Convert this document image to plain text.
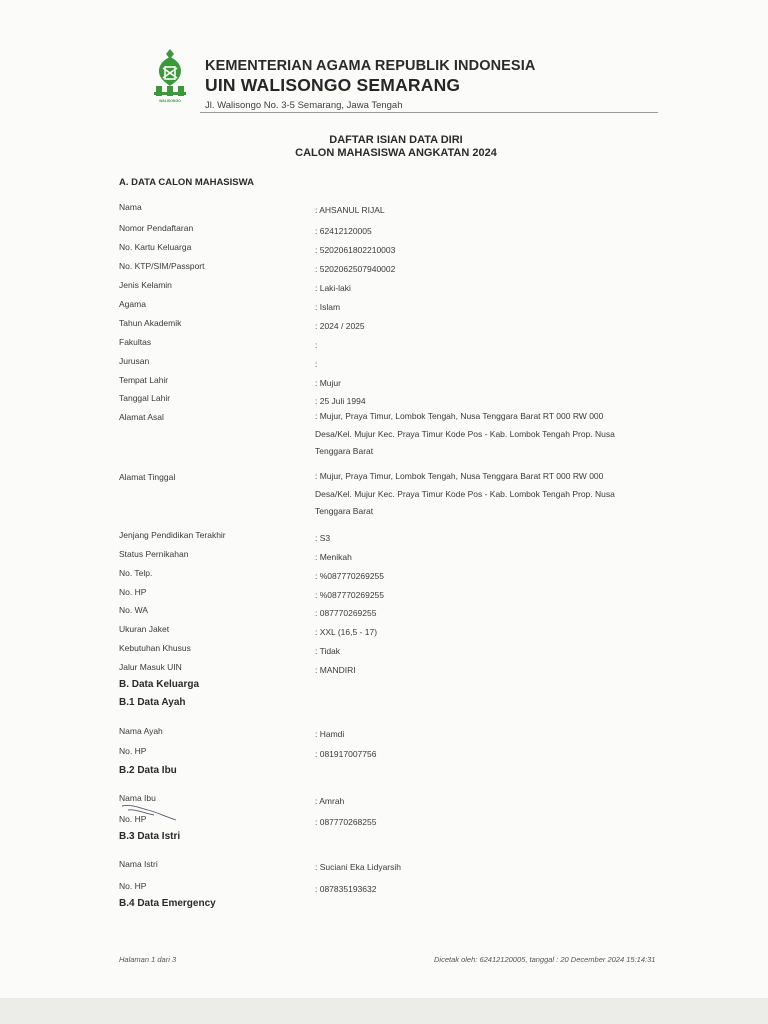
WALISONGO
KEMENTERIAN AGAMA REPUBLIK INDONESIA
UIN WALISONGO SEMARANG
Jl. Walisongo No. 3-5 Semarang, Jawa Tengah
DAFTAR ISIAN DATA DIRI
CALON MAHASISWA ANGKATAN 2024
A. DATA CALON MAHASISWA
Nama	: AHSANUL RIJAL
Nomor Pendaftaran	: 62412120005
No. Kartu Keluarga	: 5202061802210003
No. KTP/SIM/Passport	: 5202062507940002
Jenis Kelamin	: Laki-laki
Agama	: Islam
Tahun Akademik	: 2024 / 2025
Fakultas	:
Jurusan	:
Tempat Lahir	: Mujur
Tanggal Lahir	: 25 Juli 1994
Alamat Asal	: Mujur, Praya Timur, Lombok Tengah, Nusa Tenggara Barat RT 000 RW 000
Desa/Kel. Mujur Kec. Praya Timur Kode Pos - Kab. Lombok Tengah Prop. Nusa
Tenggara Barat
Alamat Tinggal	: Mujur, Praya Timur, Lombok Tengah, Nusa Tenggara Barat RT 000 RW 000
Desa/Kel. Mujur Kec. Praya Timur Kode Pos - Kab. Lombok Tengah Prop. Nusa
Tenggara Barat
Jenjang Pendidikan Terakhir	: S3
Status Pernikahan	: Menikah
No. Telp.	: %087770269255
No. HP	: %087770269255
No. WA	: 087770269255
Ukuran Jaket	: XXL (16,5 - 17)
Kebutuhan Khusus	: Tidak
Jalur Masuk UIN	: MANDIRI
B. Data Keluarga
B.1 Data Ayah
Nama Ayah	: Hamdi
No. HP	: 081917007756
B.2 Data Ibu
Nama Ibu	: Amrah
No. HP	: 087770268255
B.3 Data Istri
Nama Istri	: Suciani Eka Lidyarsih
No. HP	: 087835193632
B.4 Data Emergency
Halaman 1 dari 3	Dicetak oleh: 62412120005, tanggal : 20 December 2024 15:14:31
